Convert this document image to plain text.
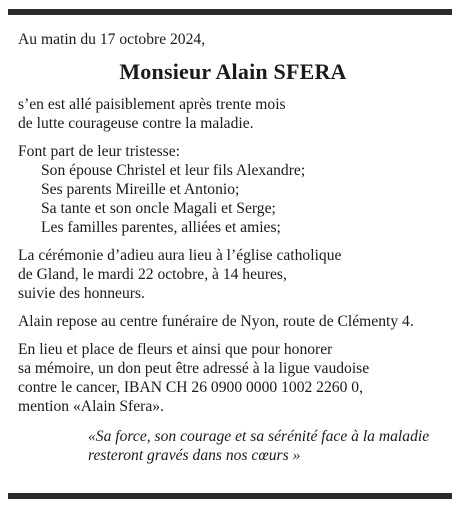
Au matin du 17 octobre 2024,
Monsieur Alain SFERA
s’en est allé paisiblement après trente mois
de lutte courageuse contre la maladie.
Font part de leur tristesse:
Son épouse Christel et leur fils Alexandre;
Ses parents Mireille et Antonio;
Sa tante et son oncle Magali et Serge;
Les familles parentes, alliées et amies;
La cérémonie d’adieu aura lieu à l’église catholique
de Gland, le mardi 22 octobre, à 14 heures,
suivie des honneurs.
Alain repose au centre funéraire de Nyon, route de Clémenty 4.
En lieu et place de fleurs et ainsi que pour honorer
sa mémoire, un don peut être adressé à la ligue vaudoise
contre le cancer, IBAN CH 26 0900 0000 1002 2260 0,
mention «Alain Sfera».
«Sa force, son courage et sa sérénité face à la maladie
resteront gravés dans nos cœurs »
